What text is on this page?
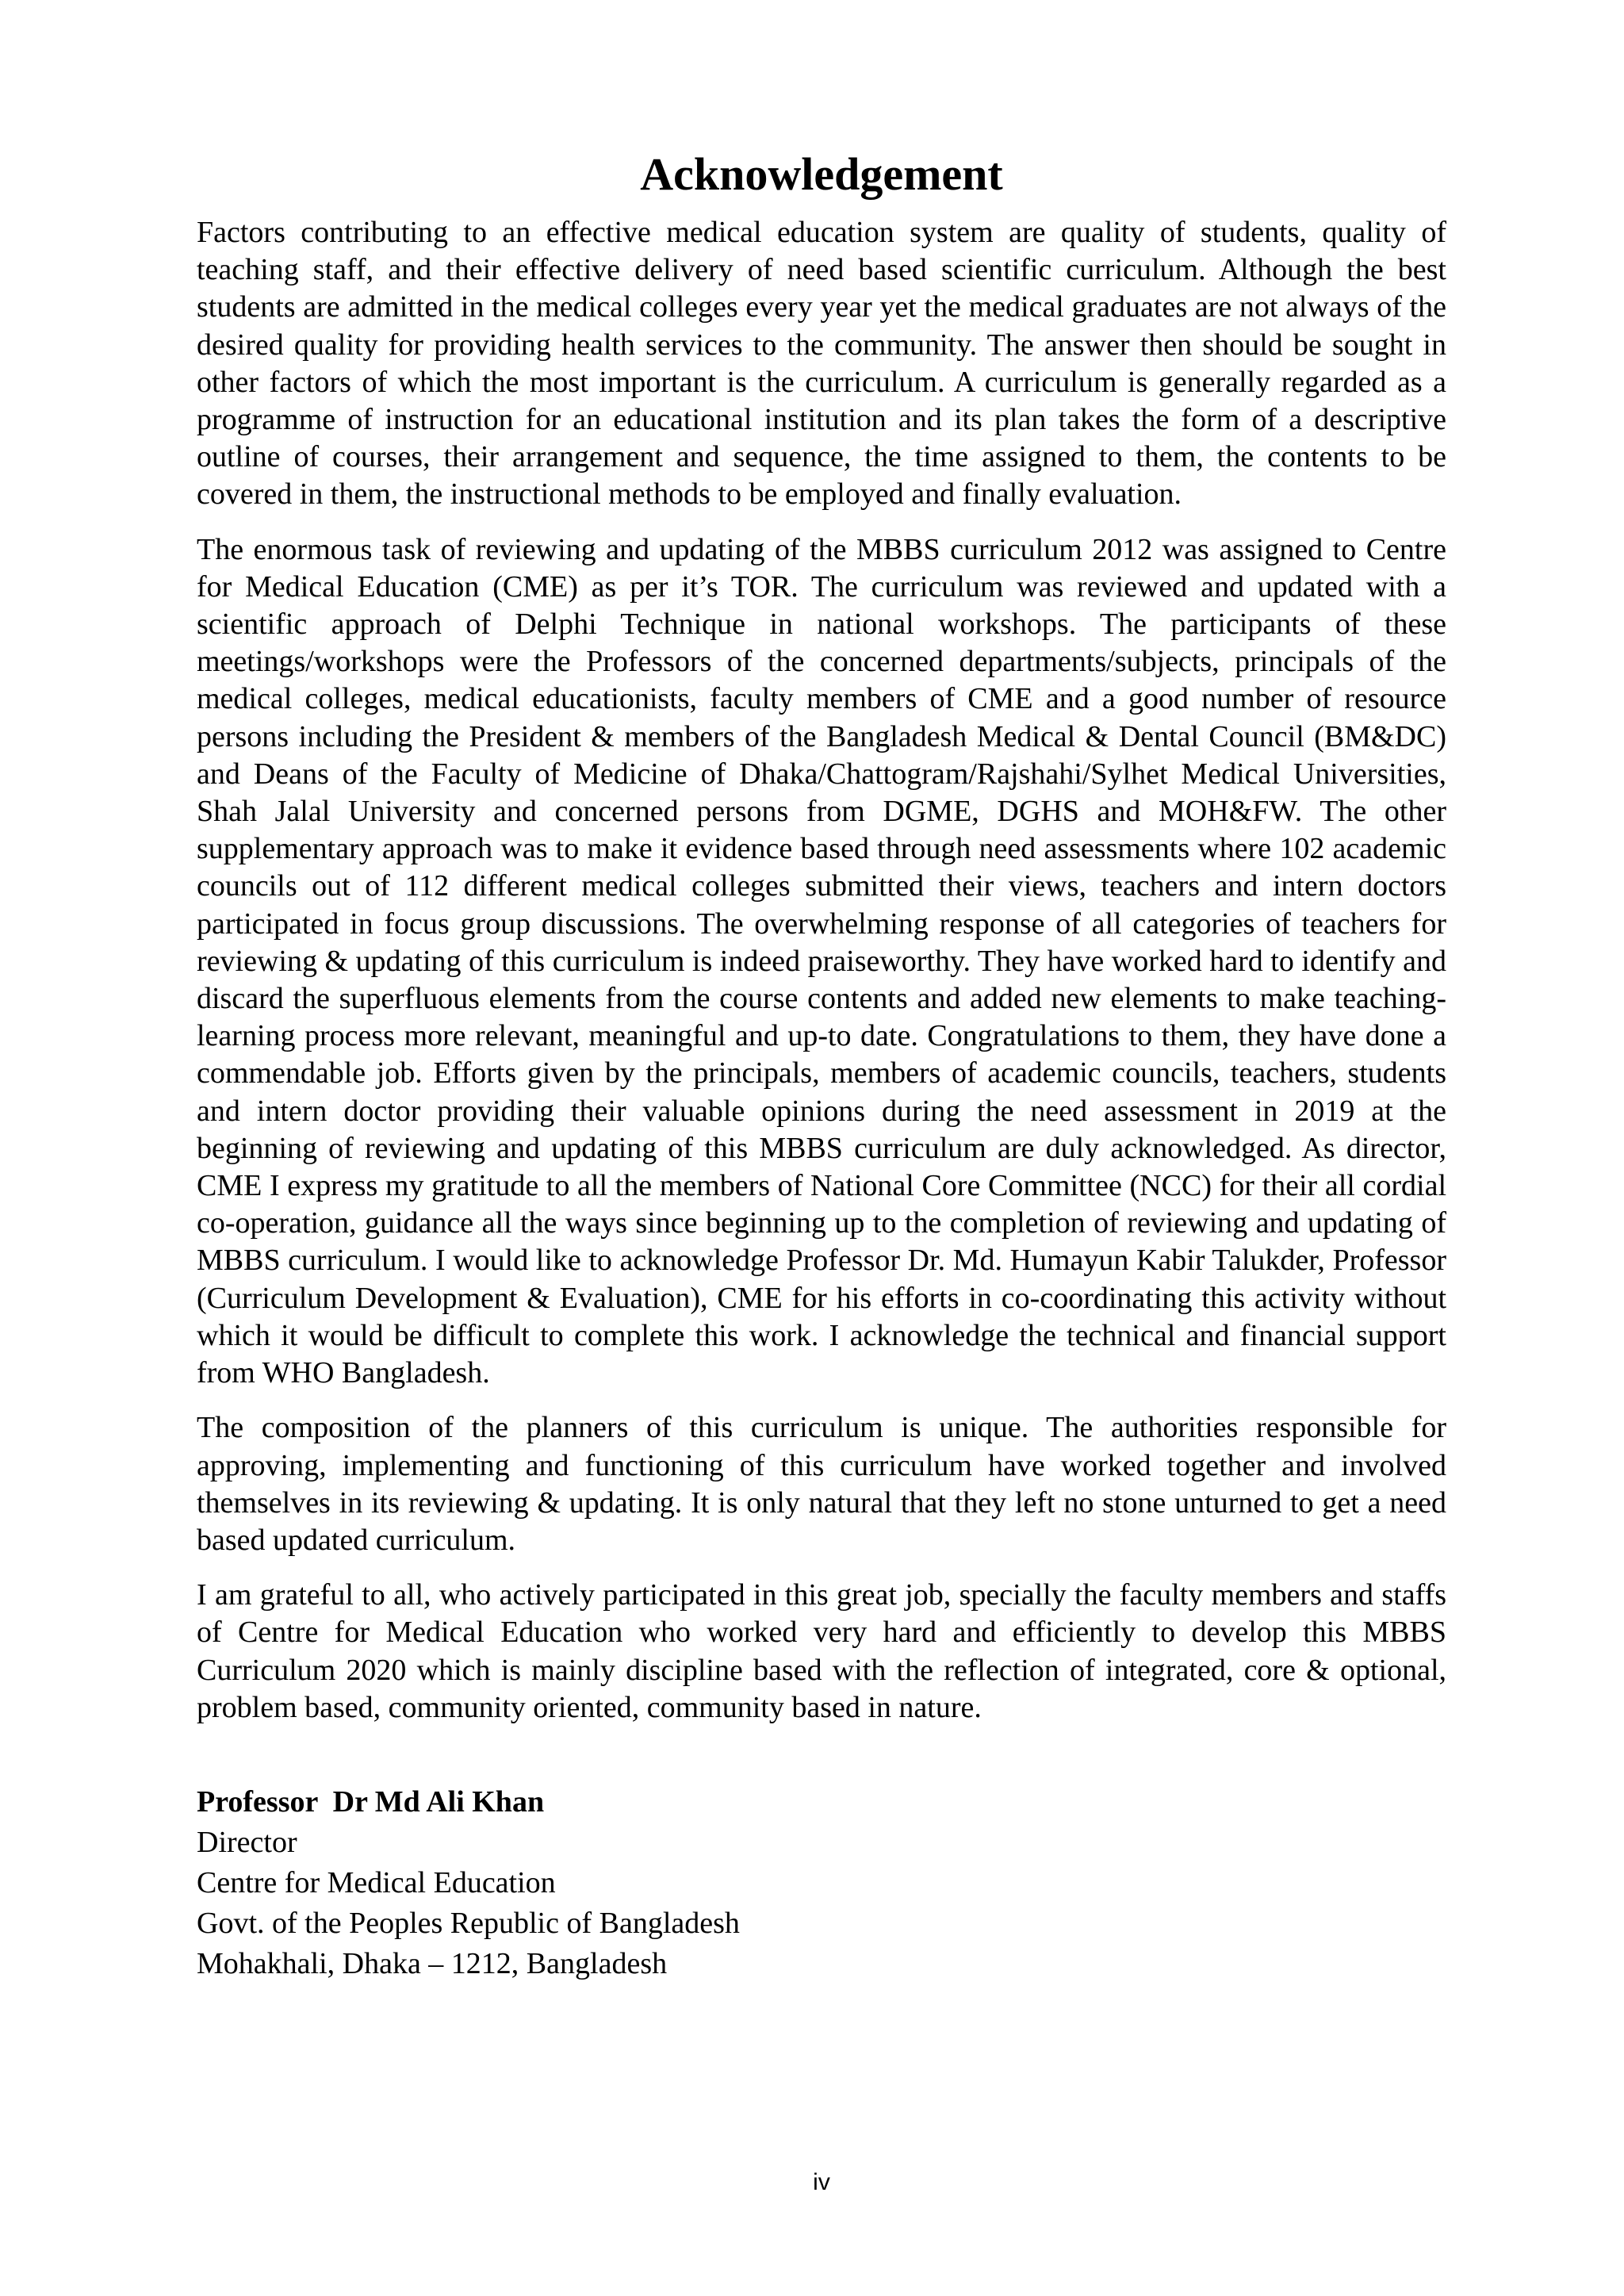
Acknowledgement

Factors contributing to an effective medical education system are quality of students, quality of teaching staff, and their effective delivery of need based scientific curriculum. Although the best students are admitted in the medical colleges every year yet the medical graduates are not always of the desired quality for providing health services to the community. The answer then should be sought in other factors of which the most important is the curriculum. A curriculum is generally regarded as a programme of instruction for an educational institution and its plan takes the form of a descriptive outline of courses, their arrangement and sequence, the time assigned to them, the contents to be covered in them, the instructional methods to be employed and finally evaluation.

The enormous task of reviewing and updating of the MBBS curriculum 2012 was assigned to Centre for Medical Education (CME) as per it’s TOR. The curriculum was reviewed and updated with a scientific approach of Delphi Technique in national workshops. The participants of these meetings/workshops were the Professors of the concerned departments/subjects, principals of the medical colleges, medical educationists, faculty members of CME and a good number of resource persons including the President & members of the Bangladesh Medical & Dental Council (BM&DC) and Deans of the Faculty of Medicine of Dhaka/Chattogram/Rajshahi/Sylhet Medical Universities, Shah Jalal University and concerned persons from DGME, DGHS and MOH&FW. The other supplementary approach was to make it evidence based through need assessments where 102 academic councils out of 112 different medical colleges submitted their views, teachers and intern doctors participated in focus group discussions. The overwhelming response of all categories of teachers for reviewing & updating of this curriculum is indeed praiseworthy. They have worked hard to identify and discard the superfluous elements from the course contents and added new elements to make teaching-learning process more relevant, meaningful and up-to date. Congratulations to them, they have done a commendable job. Efforts given by the principals, members of academic councils, teachers, students and intern doctor providing their valuable opinions during the need assessment in 2019 at the beginning of reviewing and updating of this MBBS curriculum are duly acknowledged. As director, CME I express my gratitude to all the members of National Core Committee (NCC) for their all cordial co-operation, guidance all the ways since beginning up to the completion of reviewing and updating of MBBS curriculum. I would like to acknowledge Professor Dr. Md. Humayun Kabir Talukder, Professor (Curriculum Development & Evaluation), CME for his efforts in co-coordinating this activity without which it would be difficult to complete this work. I acknowledge the technical and financial support from WHO Bangladesh.

The composition of the planners of this curriculum is unique. The authorities responsible for approving, implementing and functioning of this curriculum have worked together and involved themselves in its reviewing & updating. It is only natural that they left no stone unturned to get a need based updated curriculum.

I am grateful to all, who actively participated in this great job, specially the faculty members and staffs of Centre for Medical Education who worked very hard and efficiently to develop this MBBS Curriculum 2020 which is mainly discipline based with the reflection of integrated, core & optional, problem based, community oriented, community based in nature.

Professor  Dr Md Ali Khan
Director
Centre for Medical Education
Govt. of the Peoples Republic of Bangladesh
Mohakhali, Dhaka – 1212, Bangladesh
iv
